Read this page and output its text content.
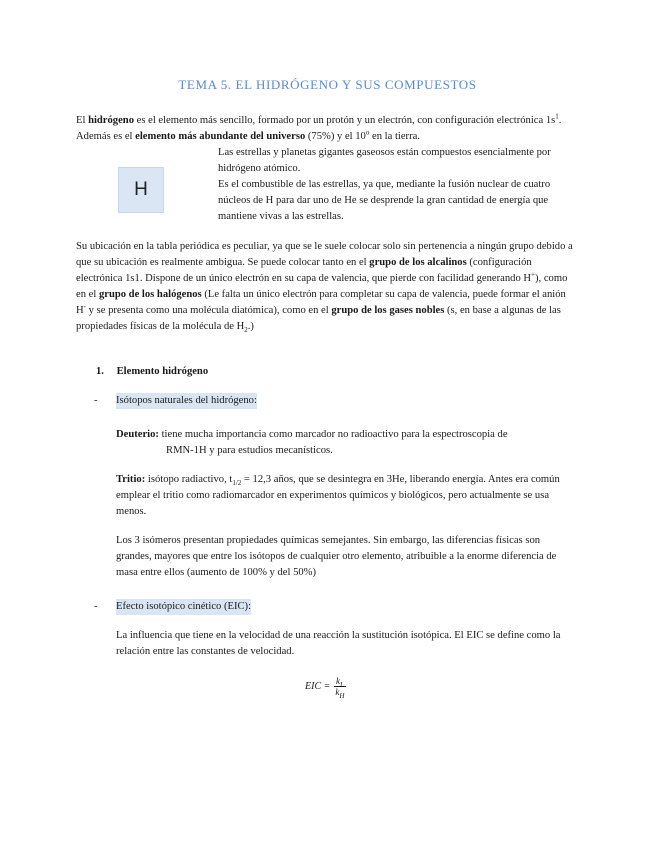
TEMA 5. EL HIDRÓGENO Y SUS COMPUESTOS

El hidrógeno es el elemento más sencillo, formado por un protón y un electrón, con configuración electrónica $1s^1$. Además es el elemento más abundante del universo (75%) y el 10$^o$ en la tierra.

H

Las estrellas y planetas gigantes gaseosos están compuestos esencialmente por hidrógeno atómico.

Es el combustible de las estrellas, ya que, mediante la fusión nuclear de cuatro núcleos de H para dar uno de He se desprende la gran cantidad de energía que mantiene vivas a las estrellas.

Su ubicación en la tabla periódica es peculiar, ya que se le suele colocar solo sin pertenencia a ningún grupo debido a que su ubicación es realmente ambigua. Se puede colocar tanto en el grupo de los alcalinos (configuración electrónica 1s1. Dispone de un único electrón en su capa de valencia, que pierde con facilidad generando H+), como en el grupo de los halógenos (Le falta un único electrón para completar su capa de valencia, puede formar el anión H- y se presenta como una molécula diatómica), como en el grupo de los gases nobles (s, en base a algunas de las propiedades físicas de la molécula de $H_2$.)

1. Elemento hidrógeno
- Isótopos naturales del hidrógeno:

Deuterio: tiene mucha importancia como marcador no radioactivo para la espectroscopia de

RMN-1H y para estudios mecanísticos.

Tritio: isótopo radiactivo, $t_{1/2} = 12,3$ años, que se desintegra en 3He, liberando energía. Antes era común emplear el tritio como radiomarcador en experimentos químicos y biológicos, pero actualmente se usa menos.

Los 3 isómeros presentan propiedades químicas semejantes. Sin embargo, las diferencias físicas son grandes, mayores que entre los isótopos de cualquier otro elemento, atribuible a la enorme diferencia de masa entre ellos (aumento de 100% y del 50%)

- Efecto isotópico cinético (EIC):

La influencia que tiene en la velocidad de una reacción la sustitución isotópica. El EIC se define como la relación entre las constantes de velocidad.

EIC = $\frac{k_L}{k_H}$
